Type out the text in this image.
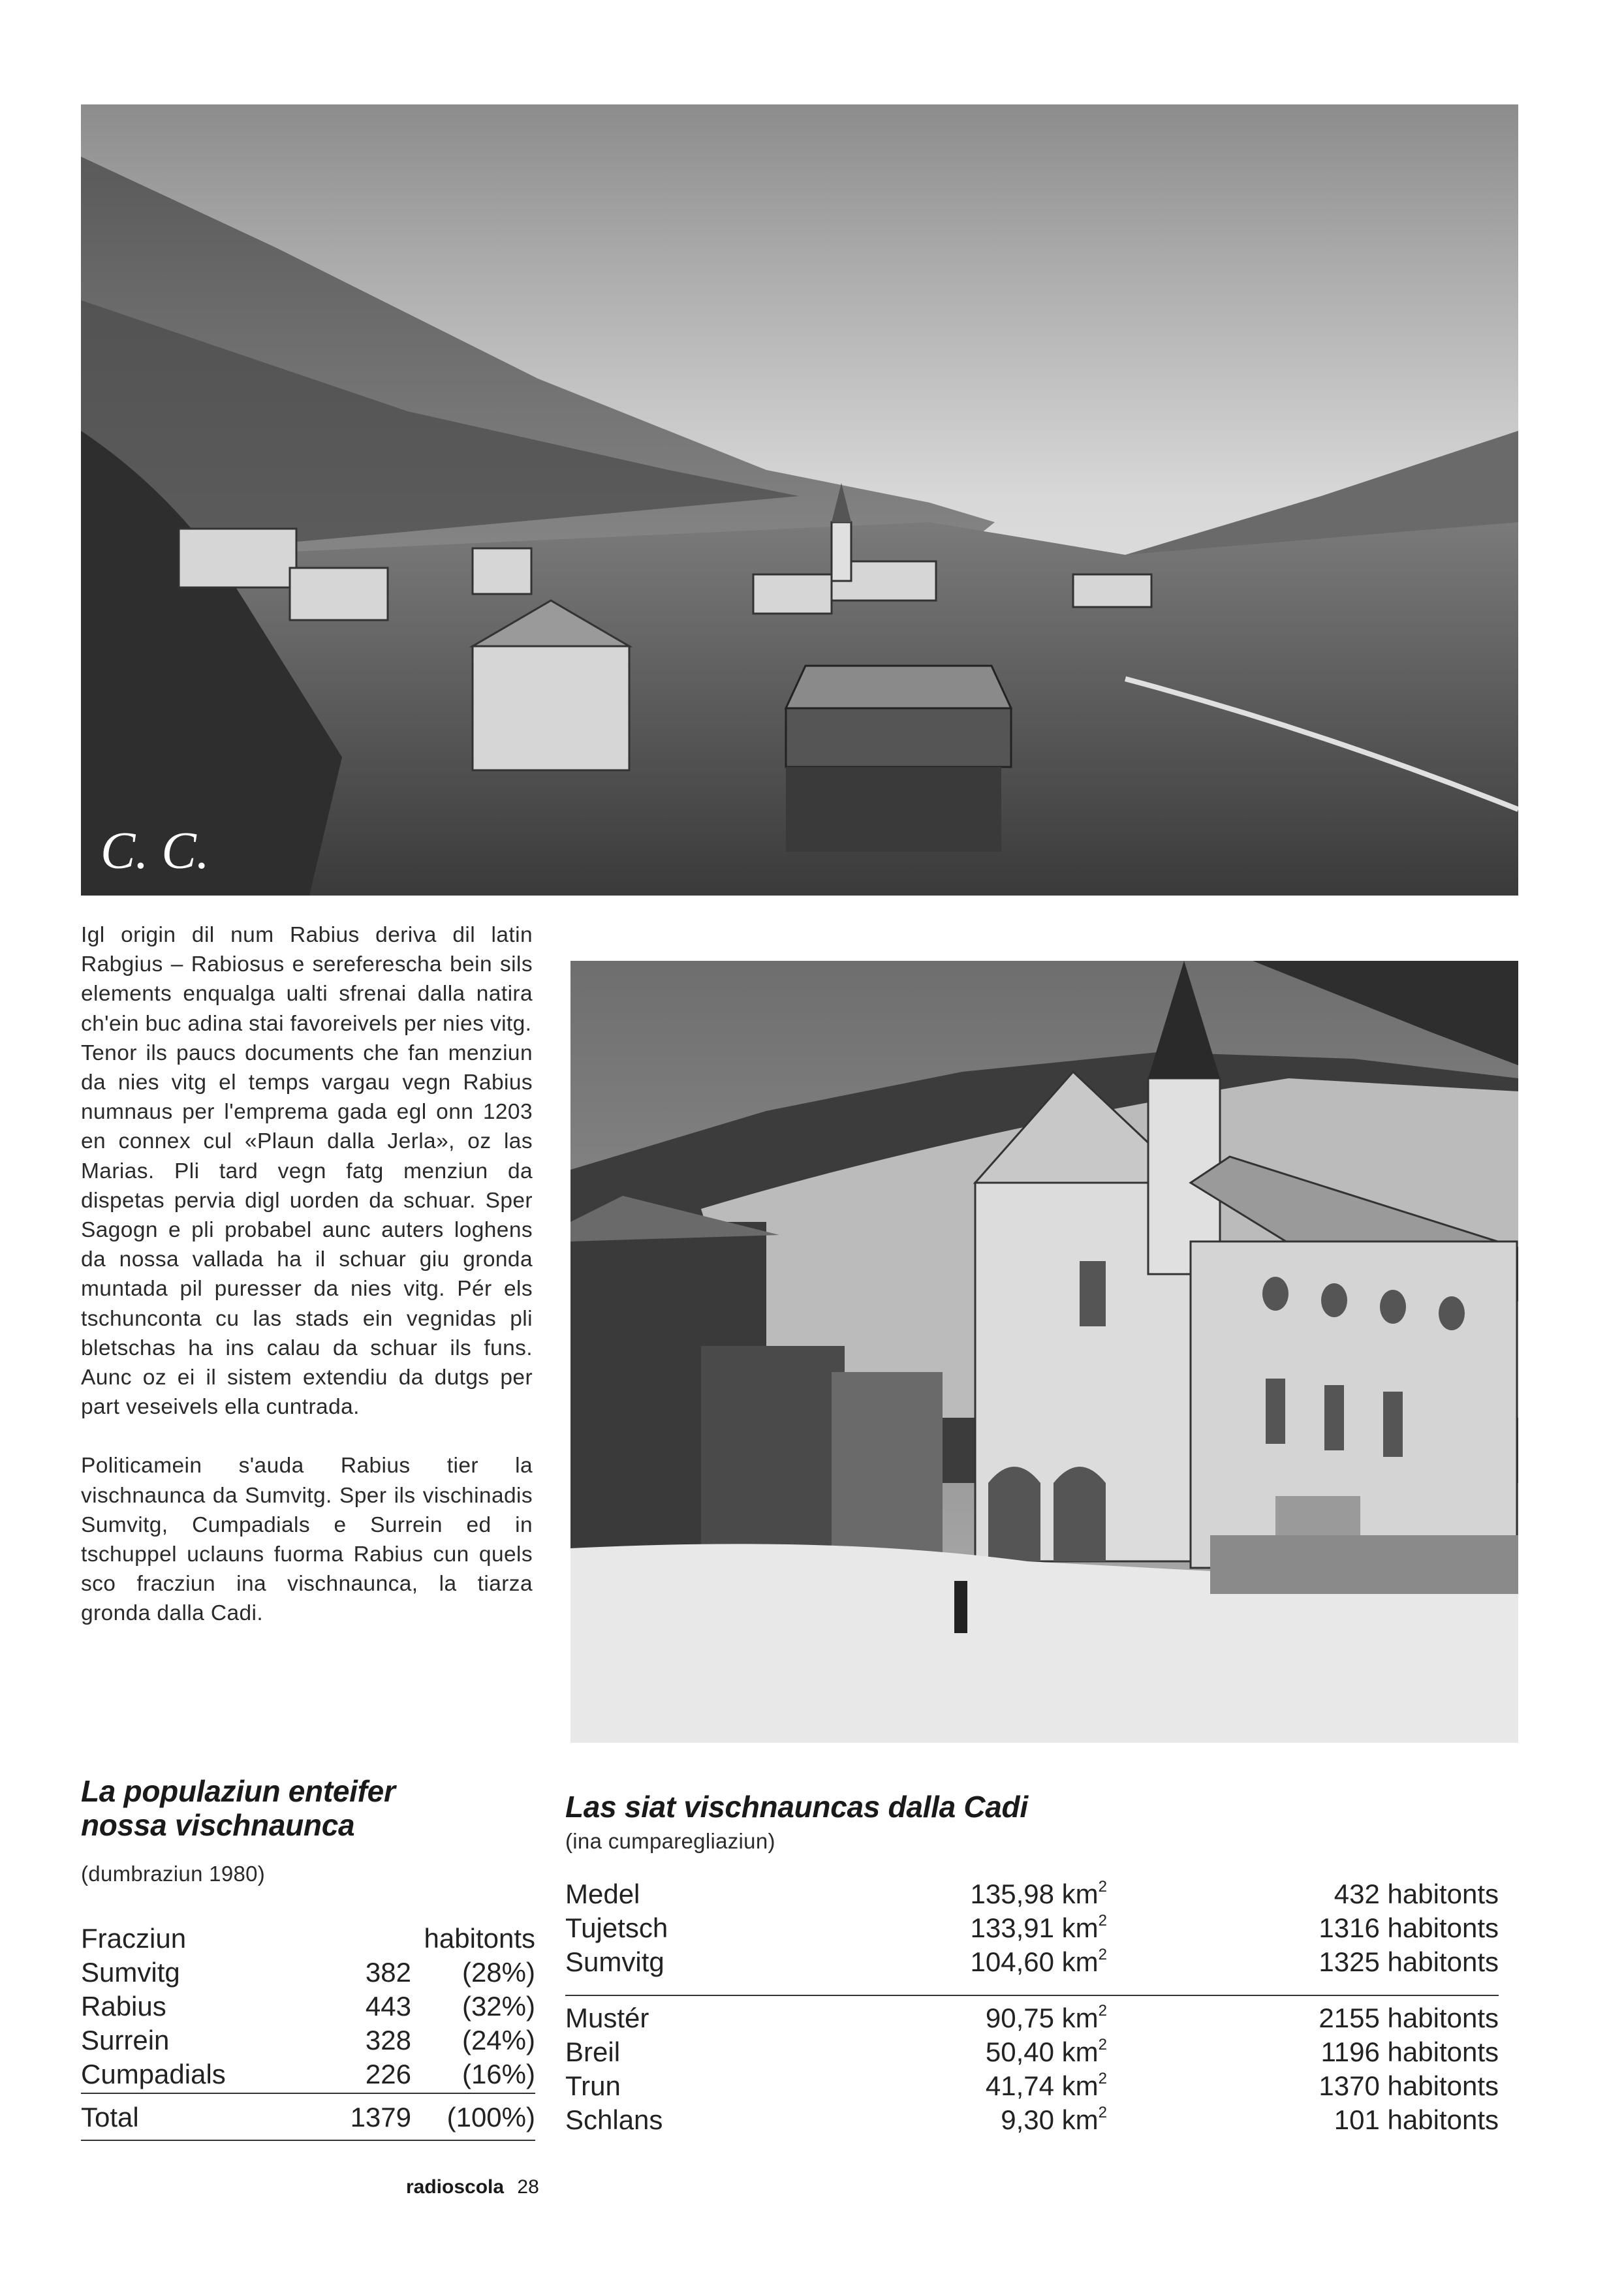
C. C.

Igl origin dil num Rabius deriva dil latin Rabgius – Rabiosus e sereferescha bein sils elements enqualga ualti sfrenai dalla natira ch'ein buc adina stai favoreivels per nies vitg.

Tenor ils paucs documents che fan menziun da nies vitg el temps vargau vegn Rabius numnaus per l'emprema gada egl onn 1203 en connex cul «Plaun dalla Jerla», oz las Marias. Pli tard vegn fatg menziun da dispetas pervia digl uorden da schuar. Sper Sagogn e pli probabel aunc auters loghens da nossa vallada ha il schuar giu gronda muntada pil puresser da nies vitg. Pér els tschunconta cu las stads ein vegnidas pli bletschas ha ins calau da schuar ils funs. Aunc oz ei il sistem extendiu da dutgs per part veseivels ella cuntrada.

Politicamein s'auda Rabius tier la vischnaunca da Sumvitg. Sper ils vischinadis Sumvitg, Cumpadials e Surrein ed in tschuppel uclauns fuorma Rabius cun quels sco fracziun ina vischnaunca, la tiarza gronda dalla Cadi.

La populaziun enteifer
nossa vischnaunca
(dumbraziun 1980)
Fracziun	habitonts
Sumvitg	382 (28%)
Rabius	443 (32%)
Surrein	328 (24%)
Cumpadials	226 (16%)
Total	1379 (100%)
Las siat vischnauncas dalla Cadi
(ina cumparegliaziun)
Medel	135,98 $km^2$	432 habitonts
Tujetsch	133,91 $km^2$	1316 habitonts
Sumvitg	104,60 $km^2$	1325 habitonts
Mustér	90,75 $km^2$	2155 habitonts
Breil	50,40 $km^2$	1196 habitonts
Trun	41,74 $km^2$	1370 habitonts
Schlans	9,30 $km^2$	101 habitonts
radioscola 28
